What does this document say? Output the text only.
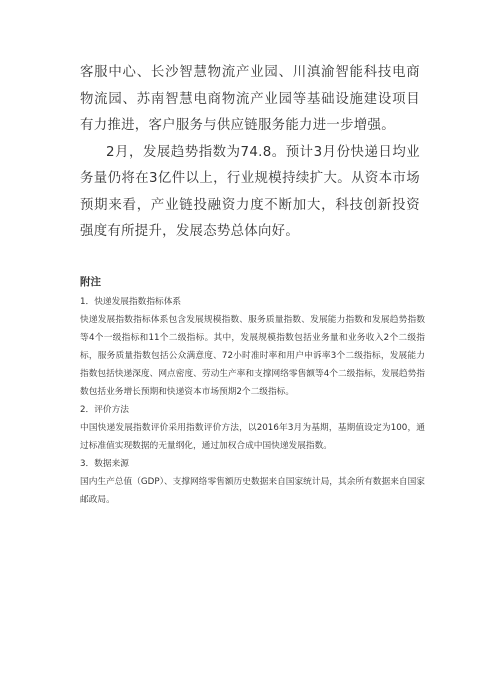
客服中心、长沙智慧物流产业园、川滇渝智能科技电商物流园、苏南智慧电商物流产业园等基础设施建设项目有力推进，客户服务与供应链服务能力进一步增强。

2月，发展趋势指数为74.8。预计3月份快递日均业务量仍将在3亿件以上，行业规模持续扩大。从资本市场预期来看，产业链投融资力度不断加大，科技创新投资强度有所提升，发展态势总体向好。

附注

1．快递发展指数指标体系

快递发展指数指标体系包含发展规模指数、服务质量指数、发展能力指数和发展趋势指数等4个一级指标和11个二级指标。其中，发展规模指数包括业务量和业务收入2个二级指标，服务质量指数包括公众满意度、72小时准时率和用户申诉率3个二级指标，发展能力指数包括快递深度、网点密度、劳动生产率和支撑网络零售额等4个二级指标，发展趋势指数包括业务增长预期和快递资本市场预期2个二级指标。

2．评价方法

中国快递发展指数评价采用指数评价方法，以2016年3月为基期，基期值设定为100，通过标准值实现数据的无量纲化，通过加权合成中国快递发展指数。

3．数据来源

国内生产总值（GDP）、支撑网络零售额历史数据来自国家统计局，其余所有数据来自国家邮政局。
